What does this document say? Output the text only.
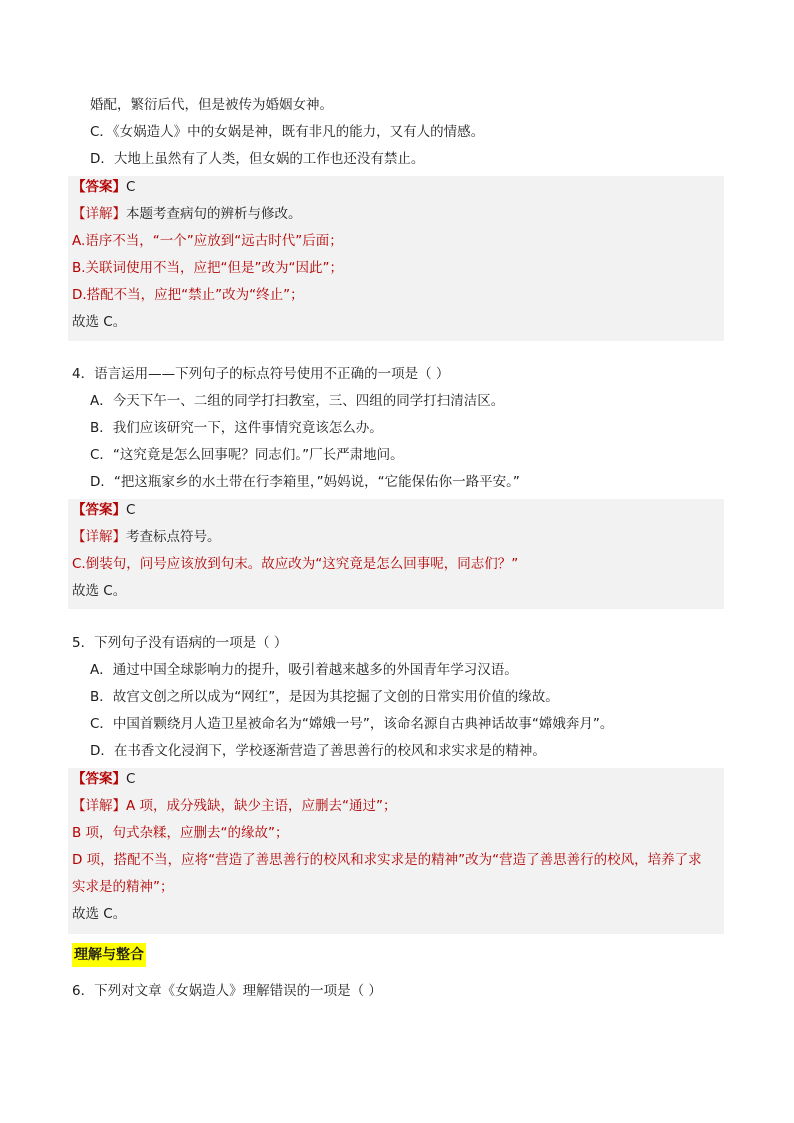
婚配，繁衍后代，但是被传为婚姻女神。
C．《女娲造人》中的女娲是神，既有非凡的能力，又有人的情感。
D．大地上虽然有了人类，但女娲的工作也还没有禁止。
【答案】C
【详解】本题考查病句的辨析与修改。
A.语序不当，“一个”应放到“远古时代”后面；
B.关联词使用不当，应把“但是”改为“因此”；
D.搭配不当，应把“禁止”改为“终止”；
故选 C。
4．语言运用——下列句子的标点符号使用不正确的一项是（ ）
A．今天下午一、二组的同学打扫教室，三、四组的同学打扫清洁区。
B．我们应该研究一下，这件事情究竟该怎么办。
C．“这究竟是怎么回事呢？同志们。”厂长严肃地问。
D．“把这瓶家乡的水土带在行李箱里，”妈妈说，“它能保佑你一路平安。”
【答案】C
【详解】考查标点符号。
C.倒装句，问号应该放到句末。故应改为“这究竟是怎么回事呢，同志们？”
故选 C。
5．下列句子没有语病的一项是（ ）
A．通过中国全球影响力的提升，吸引着越来越多的外国青年学习汉语。
B．故宫文创之所以成为“网红”，是因为其挖掘了文创的日常实用价值的缘故。
C．中国首颗绕月人造卫星被命名为“嫦娥一号”，该命名源自古典神话故事“嫦娥奔月”。
D．在书香文化浸润下，学校逐渐营造了善思善行的校风和求实求是的精神。
【答案】C
【详解】A 项，成分残缺，缺少主语，应删去“通过”；
B 项，句式杂糅，应删去“的缘故”；
D 项，搭配不当，应将“营造了善思善行的校风和求实求是的精神”改为“营造了善思善行的校风，培养了求
实求是的精神”；
故选 C。
理解与整合
6．下列对文章《女娲造人》理解错误的一项是（ ）
